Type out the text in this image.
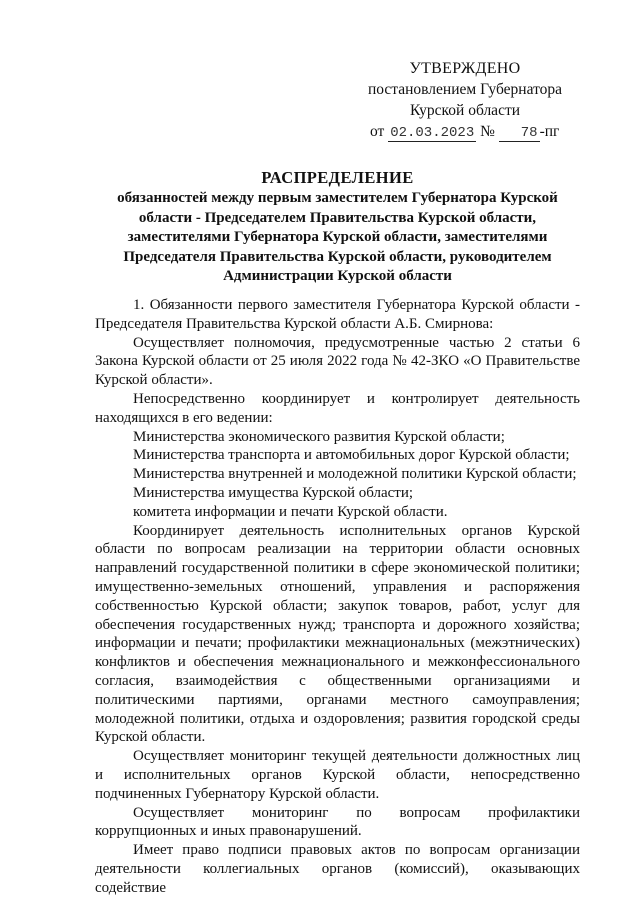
УТВЕРЖДЕНО
постановлением Губернатора
Курской области
от 02.03.2023 № 78 -пг
РАСПРЕДЕЛЕНИЕ
обязанностей между первым заместителем Губернатора Курской области - Председателем Правительства Курской области, заместителями Губернатора Курской области, заместителями Председателя Правительства Курской области, руководителем Администрации Курской области

1. Обязанности первого заместителя Губернатора Курской области - Председателя Правительства Курской области А.Б. Смирнова:

Осуществляет полномочия, предусмотренные частью 2 статьи 6 Закона Курской области от 25 июля 2022 года № 42-ЗКО «О Правительстве Курской области».

Непосредственно координирует и контролирует деятельность находящихся в его ведении:

Министерства экономического развития Курской области;
Министерства транспорта и автомобильных дорог Курской области;
Министерства внутренней и молодежной политики Курской области;
Министерства имущества Курской области;
комитета информации и печати Курской области.

Координирует деятельность исполнительных органов Курской области по вопросам реализации на территории области основных направлений государственной политики в сфере экономической политики; имущественно-земельных отношений, управления и распоряжения собственностью Курской области; закупок товаров, работ, услуг для обеспечения государственных нужд; транспорта и дорожного хозяйства; информации и печати; профилактики межнациональных (межэтнических) конфликтов и обеспечения межнационального и межконфессионального согласия, взаимодействия с общественными организациями и политическими партиями, органами местного самоуправления; молодежной политики, отдыха и оздоровления; развития городской среды Курской области.

Осуществляет мониторинг текущей деятельности должностных лиц и исполнительных органов Курской области, непосредственно подчиненных Губернатору Курской области.

Осуществляет мониторинг по вопросам профилактики коррупционных и иных правонарушений.

Имеет право подписи правовых актов по вопросам организации деятельности коллегиальных органов (комиссий), оказывающих содействие
